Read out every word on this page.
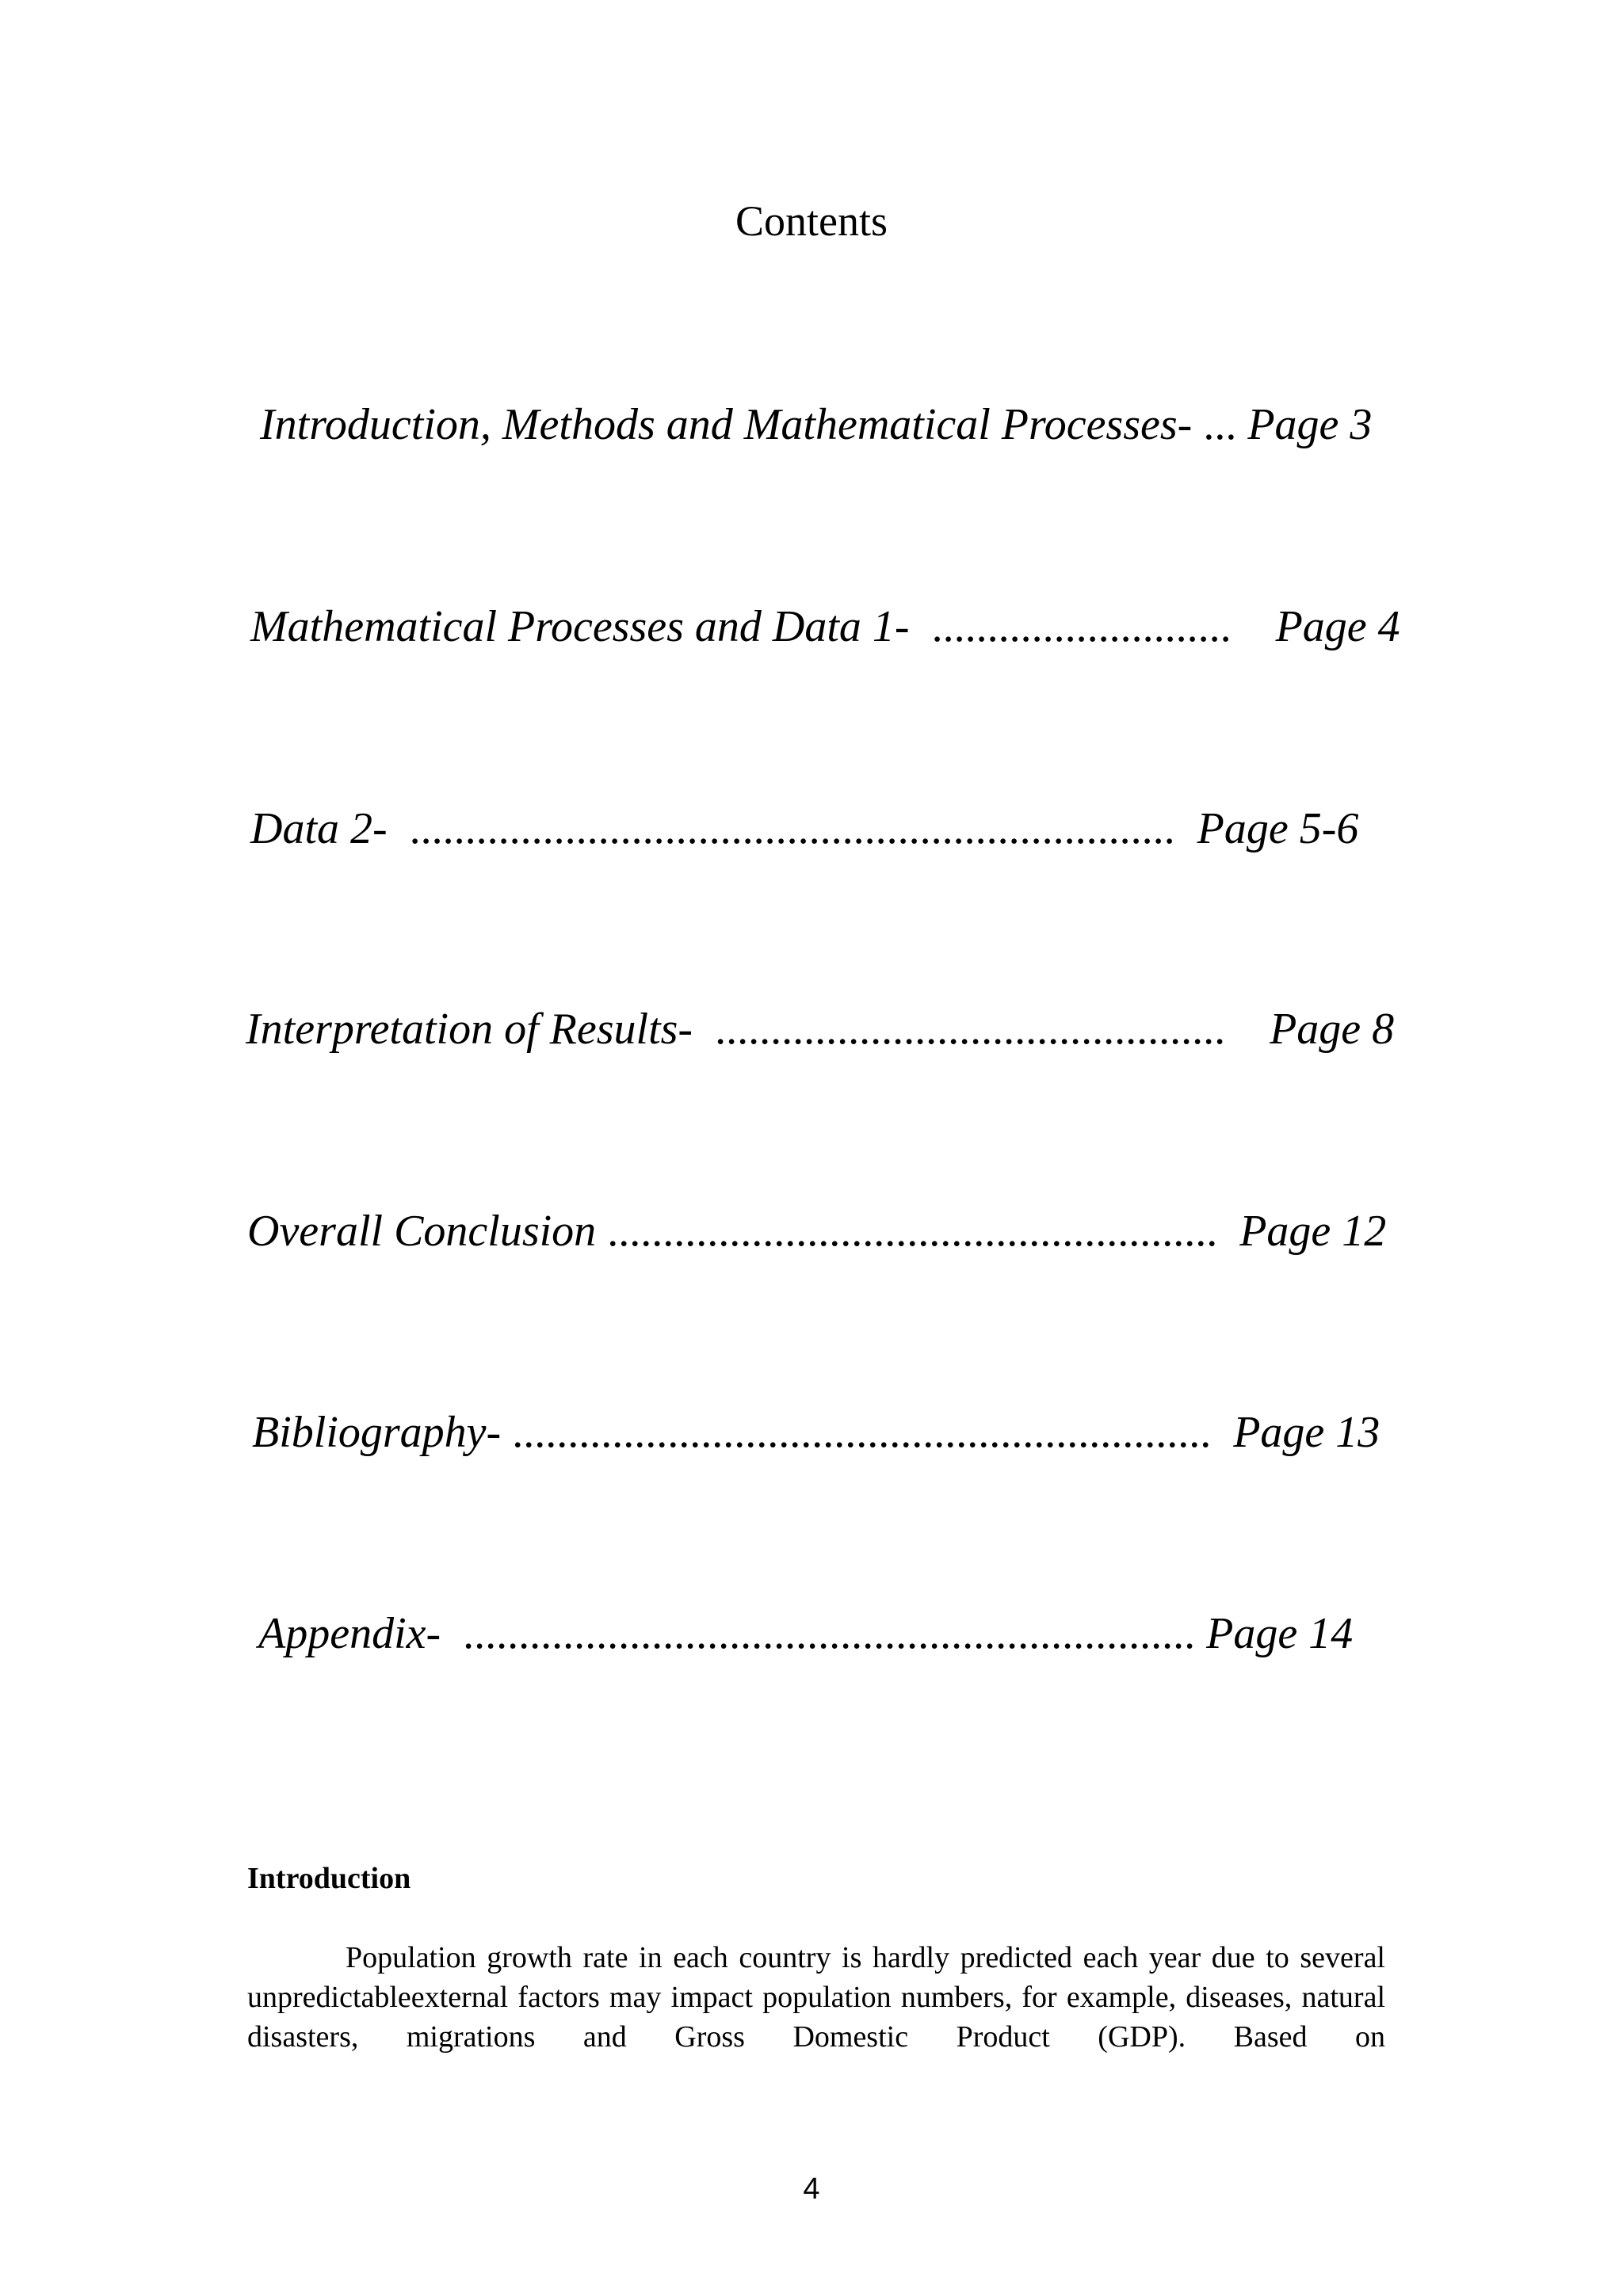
Contents

Introduction, Methods and Mathematical Processes- ... Page 3

Mathematical Processes and Data 1-  ...........................    Page 4

Data 2-  .....................................................................  Page 5-6

Interpretation of Results-  ..............................................    Page 8

Overall Conclusion .......................................................  Page 12

Bibliography- ...............................................................  Page 13

Appendix-  .................................................................. Page 14

Introduction

Population growth rate in each country is hardly predicted each year due to several unpredictableexternal factors may impact population numbers, for example, diseases, natural disasters, migrations and Gross Domestic Product (GDP). Based on

4
